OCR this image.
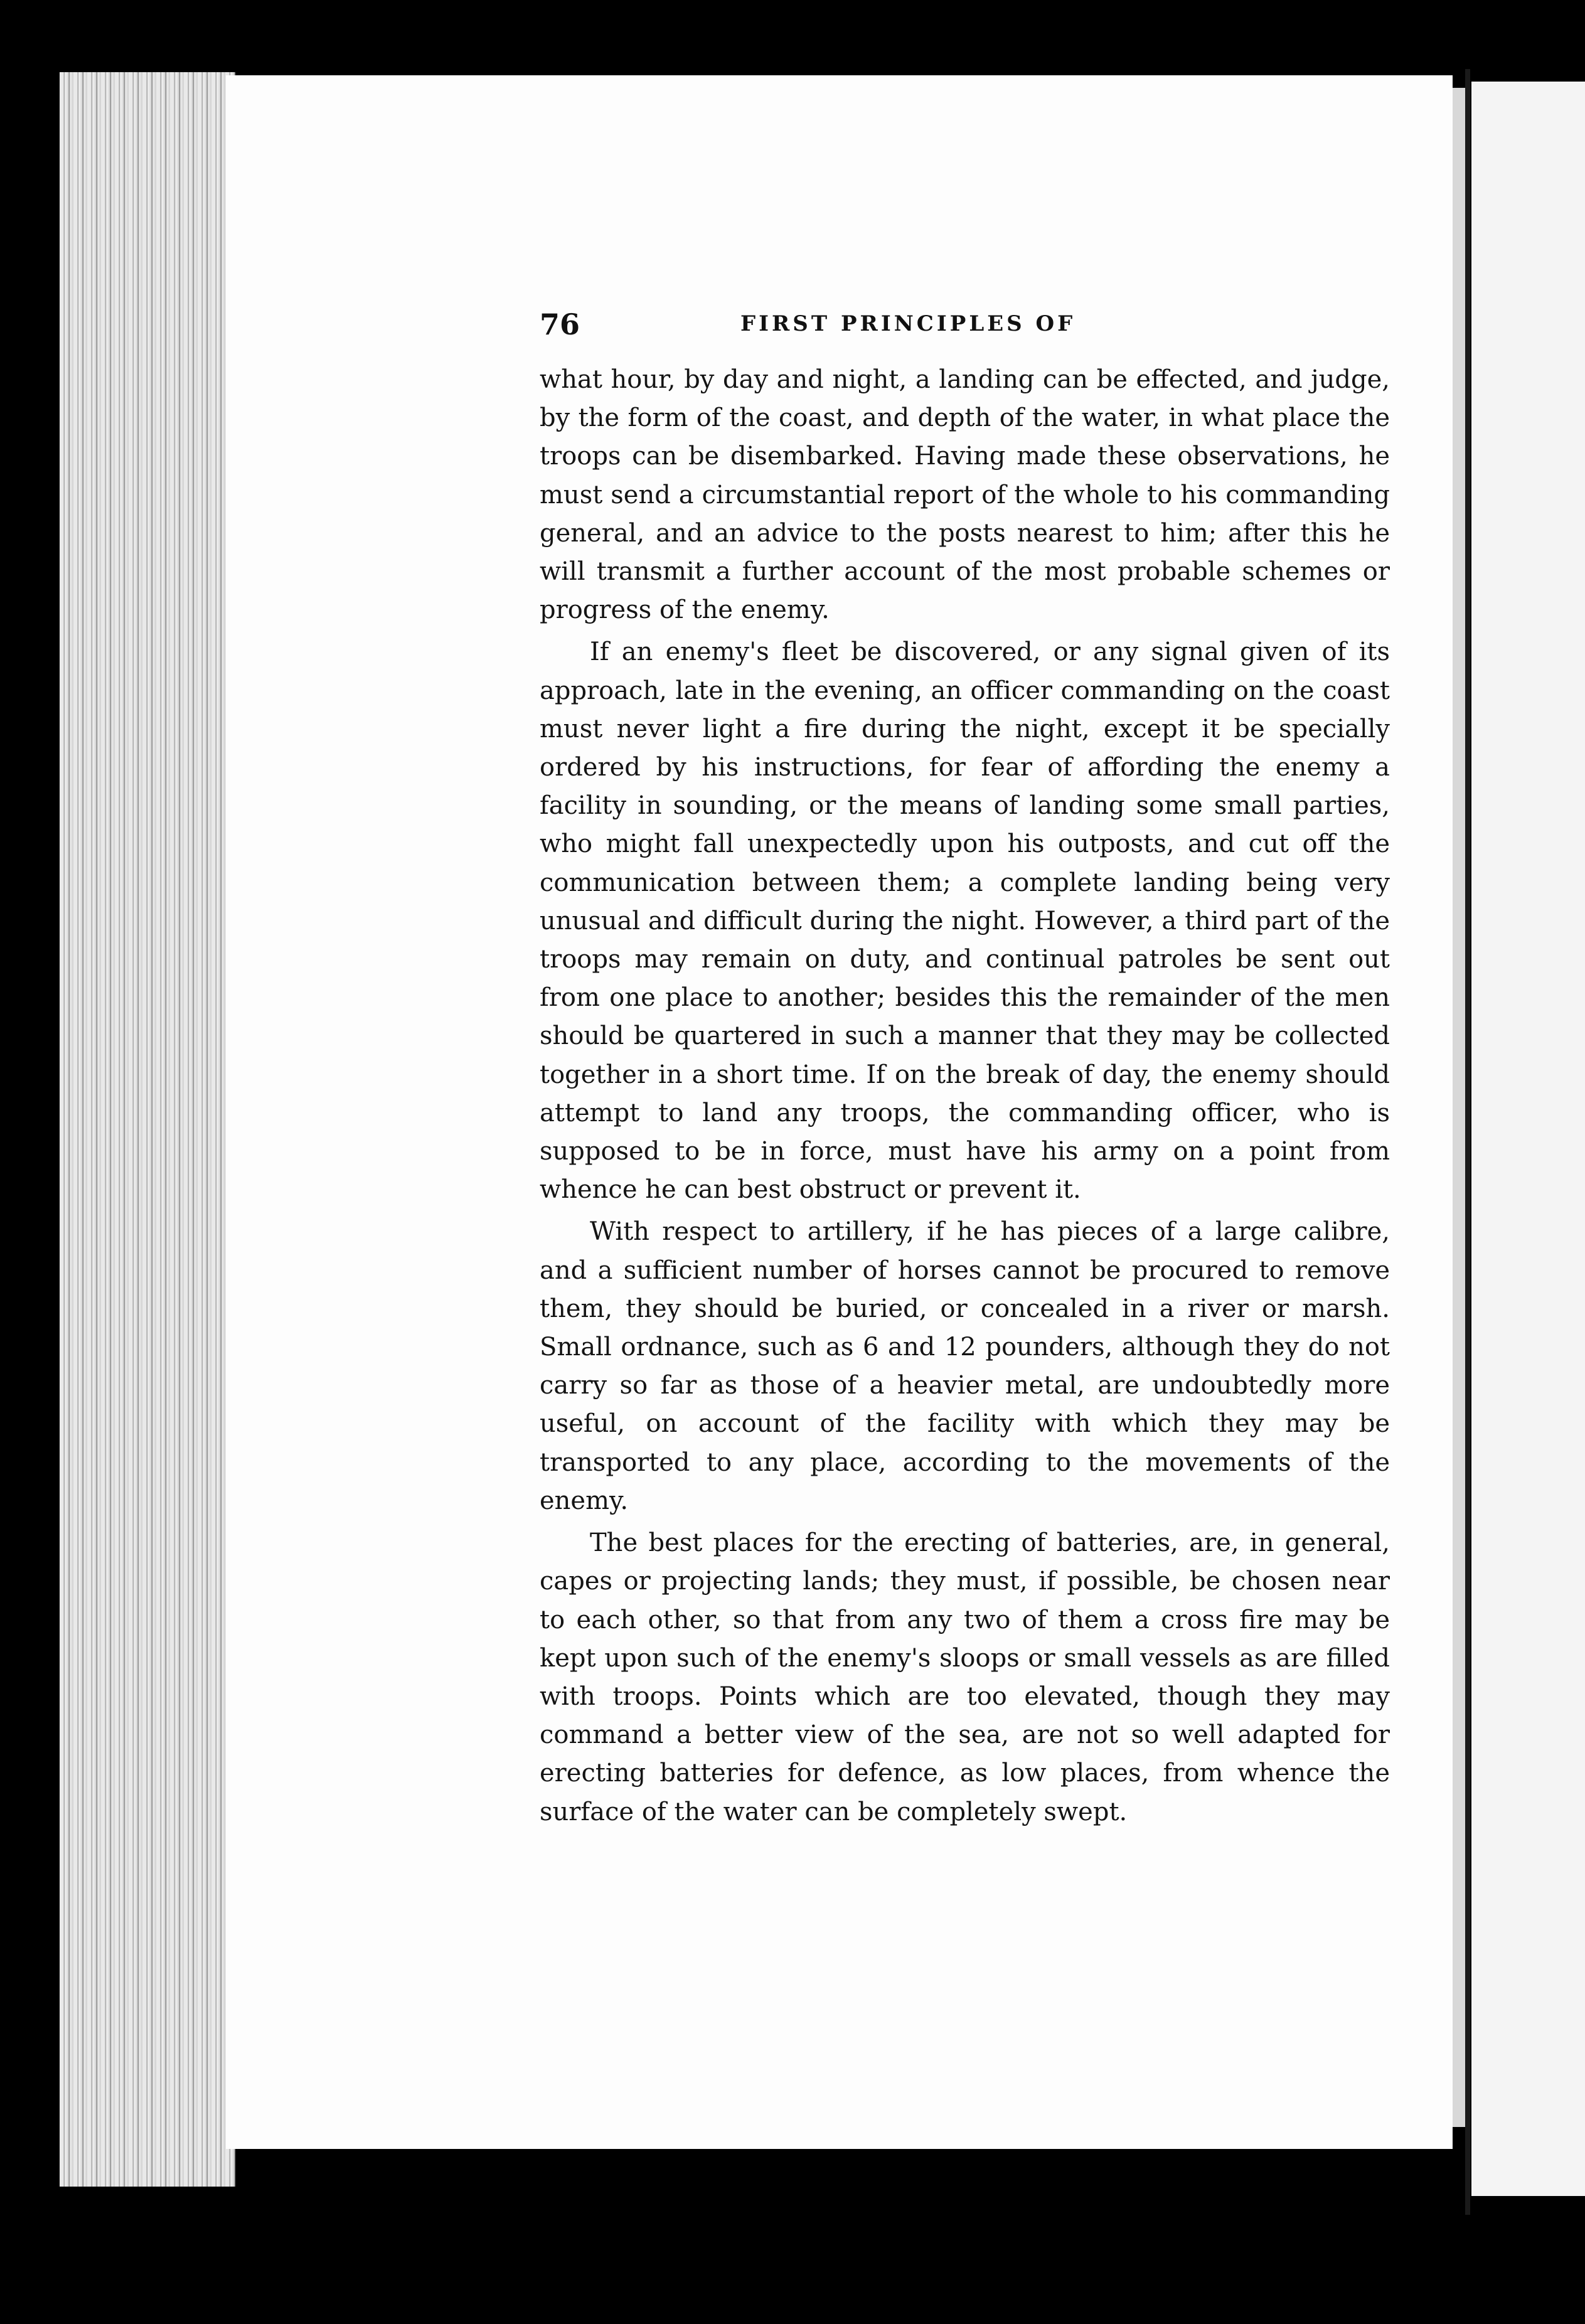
76	FIRST PRINCIPLES OF

what hour, by day and night, a landing can be effected, and judge, by the form of the coast, and depth of the water, in what place the troops can be disembarked. Having made these observations, he must send a circumstantial report of the whole to his commanding general, and an advice to the posts nearest to him; after this he will transmit a further account of the most probable schemes or progress of the enemy.

If an enemy's fleet be discovered, or any signal given of its approach, late in the evening, an officer commanding on the coast must never light a fire during the night, except it be specially ordered by his instructions, for fear of affording the enemy a facility in sounding, or the means of landing some small parties, who might fall unexpectedly upon his outposts, and cut off the communication between them; a complete landing being very unusual and difficult during the night. However, a third part of the troops may remain on duty, and continual patroles be sent out from one place to another; besides this the remainder of the men should be quartered in such a manner that they may be collected together in a short time. If on the break of day, the enemy should attempt to land any troops, the commanding officer, who is supposed to be in force, must have his army on a point from whence he can best obstruct or prevent it.

With respect to artillery, if he has pieces of a large calibre, and a sufficient number of horses cannot be procured to remove them, they should be buried, or concealed in a river or marsh. Small ordnance, such as 6 and 12 pounders, although they do not carry so far as those of a heavier metal, are undoubtedly more useful, on account of the facility with which they may be transported to any place, according to the movements of the enemy.

The best places for the erecting of batteries, are, in general, capes or projecting lands; they must, if possible, be chosen near to each other, so that from any two of them a cross fire may be kept upon such of the enemy's sloops or small vessels as are filled with troops. Points which are too elevated, though they may command a better view of the sea, are not so well adapted for erecting batteries for defence, as low places, from whence the surface of the water can be completely swept.
